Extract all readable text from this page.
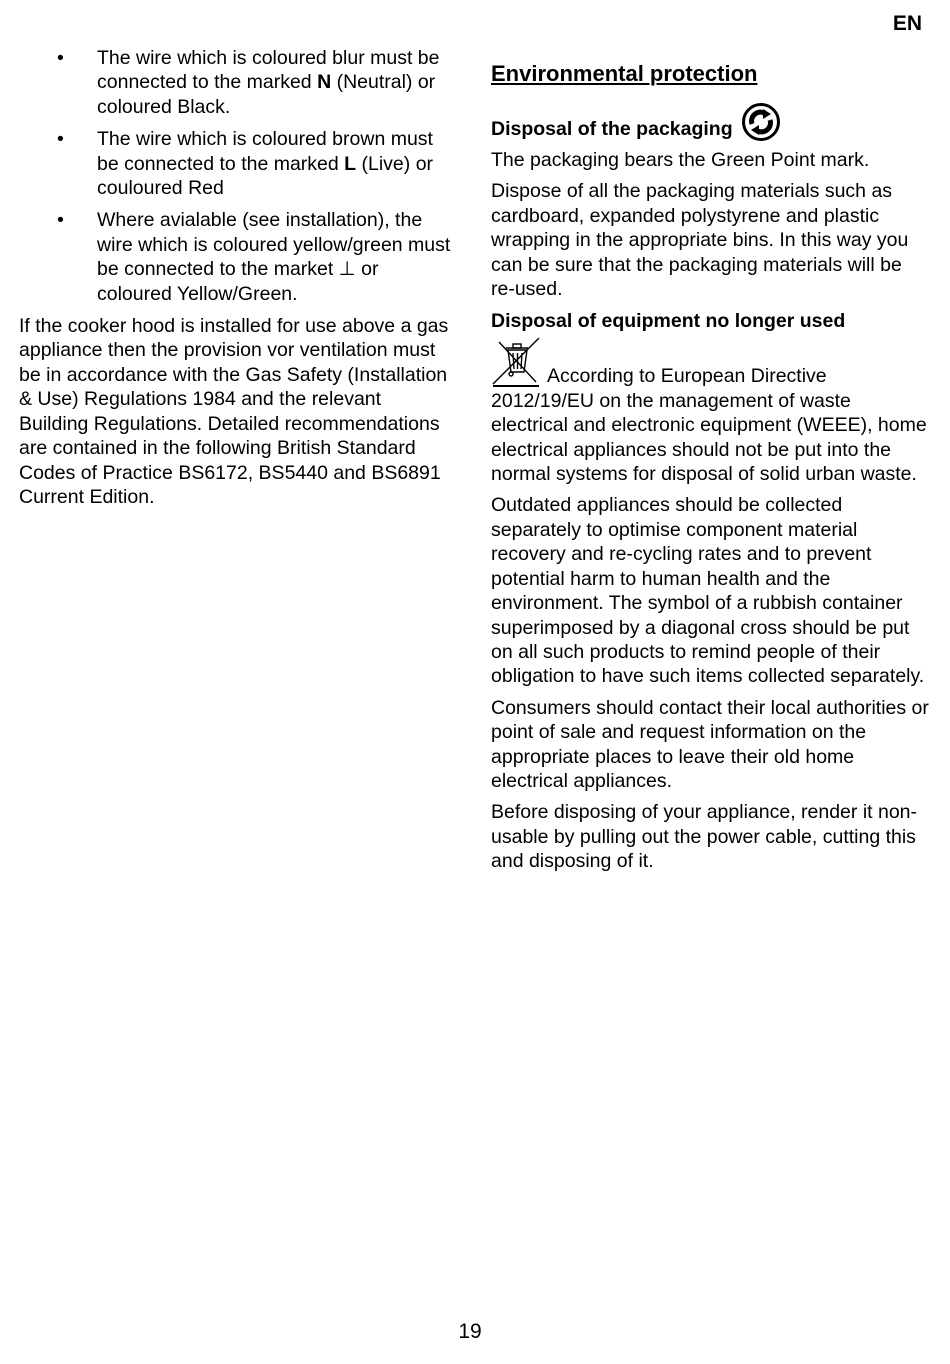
EN
• The wire which is coloured blur must be connected to the marked N (Neutral) or coloured Black.
• The wire which is coloured brown must be connected to the marked L (Live) or couloured Red
• Where avialable (see installation), the wire which is coloured yellow/green must be connected to the market ⊥ or coloured Yellow/Green.

If the cooker hood is installed for use above a gas appliance then the provision vor ventilation must be in accordance with the Gas Safety (Installation & Use) Regulations 1984 and the relevant Building Regulations. Detailed recommendations are contained in the following British Standard Codes of Practice BS6172, BS5440 and BS6891 Current Edition.

Environmental protection
Disposal of the packaging

The packaging bears the Green Point mark.

Dispose of all the packaging materials such as cardboard, expanded polystyrene and plastic wrapping in the appropriate bins. In this way you can be sure that the packaging materials will be re-used.

Disposal of equipment no longer used

According to European Directive 2012/19/EU on the management of waste electrical and electronic equipment (WEEE), home electrical appliances should not be put into the normal systems for disposal of solid urban waste.

Outdated appliances should be collected separately to optimise component material recovery and re-cycling rates and to prevent potential harm to human health and the environment. The symbol of a rubbish container superimposed by a diagonal cross should be put on all such products to remind people of their obligation to have such items collected separately.

Consumers should contact their local authorities or point of sale and request information on the appropriate places to leave their old home electrical appliances.

Before disposing of your appliance, render it non-usable by pulling out the power cable, cutting this and disposing of it.

19
